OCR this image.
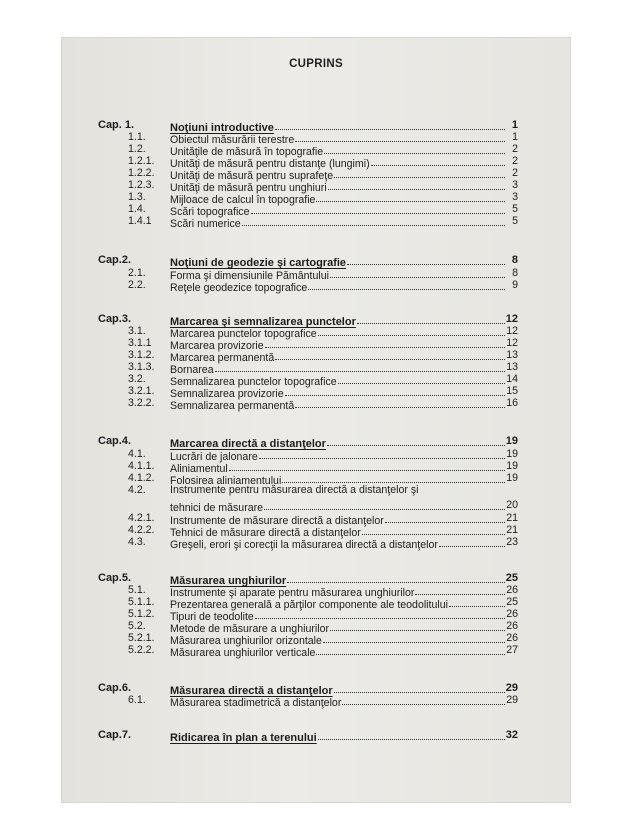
CUPRINS
Cap. 1.	Noţiuni introductive	1
1.1. Obiectul măsurării terestre	1
1.2. Unităţile de măsură în topografie	2
1.2.1. Unităţi de măsură pentru distanţe (lungimi)	2
1.2.2. Unităţi de măsură pentru suprafeţe	2
1.2.3. Unităţi de măsură pentru unghiuri	3
1.3. Mijloace de calcul în topografie	3
1.4. Scări topografice	5
1.4.1 Scări numerice	5
Cap.2.	Noţiuni de geodezie şi cartografie	8
2.1. Forma şi dimensiunile Pământului	8
2.2. Reţele geodezice topografice	9
Cap.3.	Marcarea şi semnalizarea punctelor	12
3.1. Marcarea punctelor topografice	12
3.1.1 Marcarea provizorie	12
3.1.2. Marcarea permanentă	13
3.1.3. Bornarea	13
3.2. Semnalizarea punctelor topografice	14
3.2.1. Semnalizarea provizorie	15
3.2.2. Semnalizarea permanentă	16
Cap.4.	Marcarea directă a distanţelor	19
4.1. Lucrări de jalonare	19
4.1.1. Aliniamentul	19
4.1.2. Folosirea aliniamentului	19
4.2. Instrumente pentru măsurarea directă a distanţelor şi
tehnici de măsurare	20
4.2.1. Instrumente de măsurare directă a distanţelor	21
4.2.2. Tehnici de măsurare directă a distanţelor	21
4.3. Greşeli, erori şi corecţii la măsurarea directă a distanţelor	23
Cap.5.	Măsurarea unghiurilor	25
5.1. Instrumente şi aparate pentru măsurarea unghiurilor	26
5.1.1. Prezentarea generală a părţilor componente ale teodolitului	25
5.1.2. Tipuri de teodolite	26
5.2. Metode de măsurare a unghiurilor	26
5.2.1. Măsurarea unghiurilor orizontale	26
5.2.2. Măsurarea unghiurilor verticale	27
Cap.6.	Măsurarea directă a distanţelor	29
6.1. Măsurarea stadimetrică a distanţelor	29
Cap.7.	Ridicarea în plan a terenului	32
